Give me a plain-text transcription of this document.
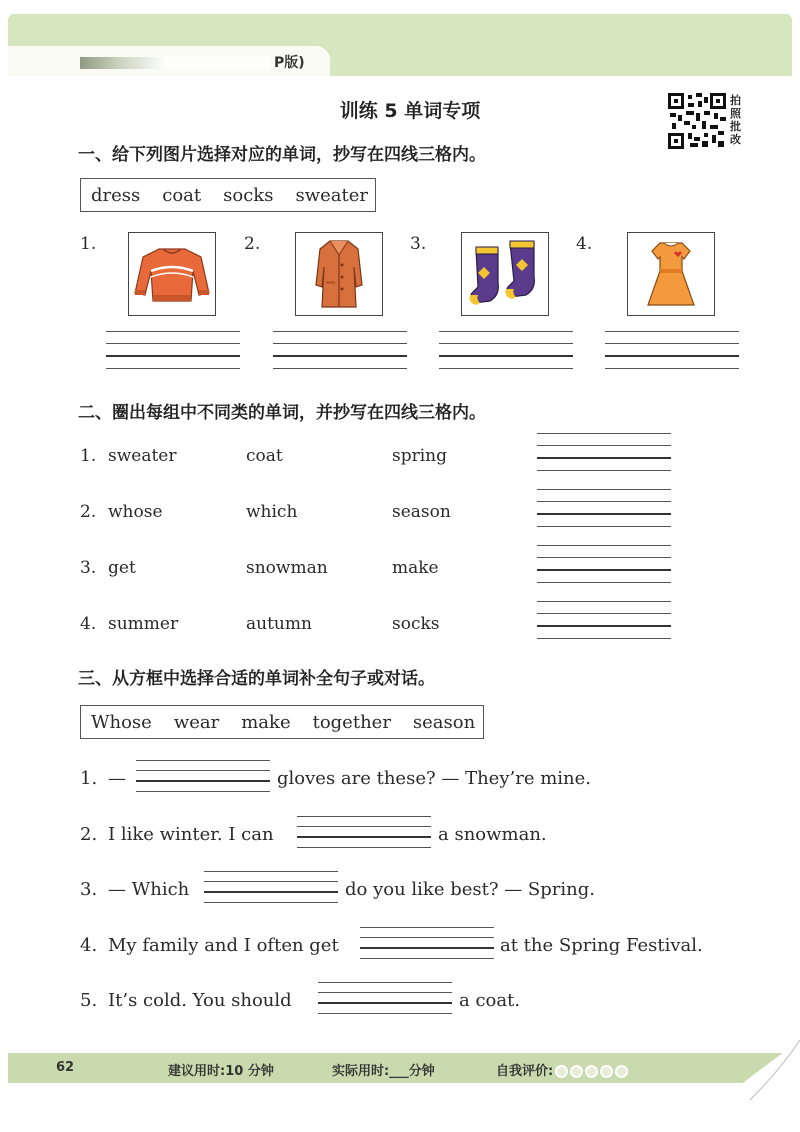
P版)
训练 5 单词专项	拍
照
批
改
一、给下列图片选择对应的单词，抄写在四线三格内。
dress coat socks sweater
1.	2.	3.	4.
二、圈出每组中不同类的单词，并抄写在四线三格内。
1. sweater	coat	spring
2. whose	which	season
3. get	snowman	make
4. summer	autumn	socks
三、从方框中选择合适的单词补全句子或对话。
Whose wear make together season
1. —	gloves are these? — They’re mine.
2. I like winter. I can	a snowman.
3. — Which	do you like best? — Spring.
4. My family and I often get	at the Spring Festival.
5. It’s cold. You should	a coat.
62	建议用时:10 分钟	实际用时:___分钟	自我评价:
